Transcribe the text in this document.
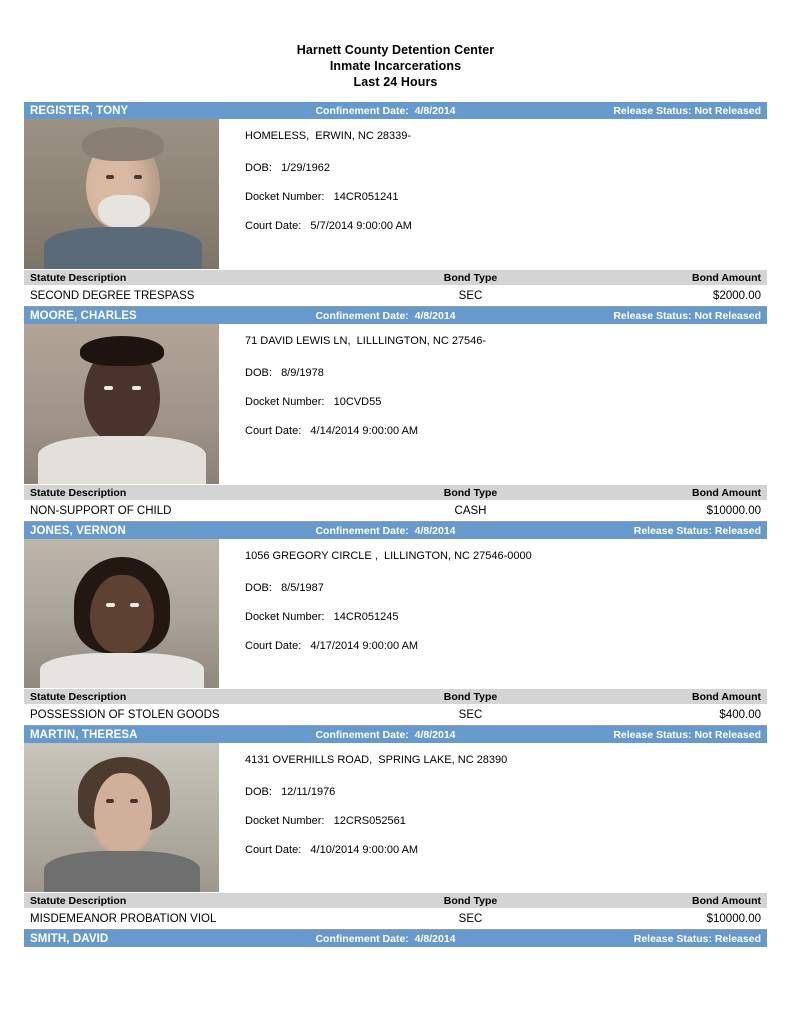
Harnett County Detention Center
Inmate Incarcerations
Last 24 Hours
REGISTER, TONY	Confinement Date:  4/8/2014	Release Status: Not Released
HOMELESS,  ERWIN, NC 28339-
DOB:   1/29/1962
Docket Number:   14CR051241
Court Date:   5/7/2014 9:00:00 AM
Statute Description	Bond Type	Bond Amount
SECOND DEGREE TRESPASS	SEC	$2000.00
MOORE, CHARLES	Confinement Date:  4/8/2014	Release Status: Not Released
71 DAVID LEWIS LN,  LILLLINGTON, NC 27546-
DOB:   8/9/1978
Docket Number:   10CVD55
Court Date:   4/14/2014 9:00:00 AM
Statute Description	Bond Type	Bond Amount
NON-SUPPORT OF CHILD	CASH	$10000.00
JONES, VERNON	Confinement Date:  4/8/2014	Release Status: Released
1056 GREGORY CIRCLE ,  LILLINGTON, NC 27546-0000
DOB:   8/5/1987
Docket Number:   14CR051245
Court Date:   4/17/2014 9:00:00 AM
Statute Description	Bond Type	Bond Amount
POSSESSION OF STOLEN GOODS	SEC	$400.00
MARTIN, THERESA	Confinement Date:  4/8/2014	Release Status: Not Released
4131 OVERHILLS ROAD,  SPRING LAKE, NC 28390
DOB:   12/11/1976
Docket Number:   12CRS052561
Court Date:   4/10/2014 9:00:00 AM
Statute Description	Bond Type	Bond Amount
MISDEMEANOR PROBATION VIOL	SEC	$10000.00
SMITH, DAVID	Confinement Date:  4/8/2014	Release Status: Released
